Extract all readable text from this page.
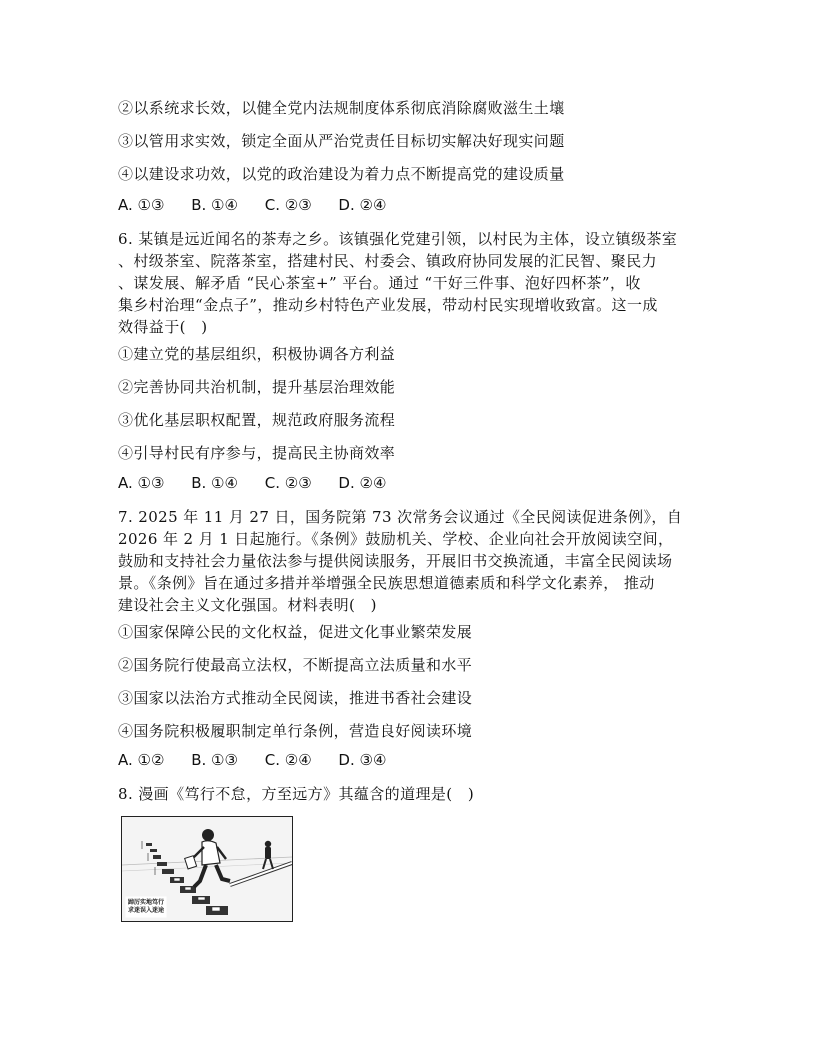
②以系统求长效，以健全党内法规制度体系彻底消除腐败滋生土壤
③以管用求实效，锁定全面从严治党责任目标切实解决好现实问题
④以建设求功效，以党的政治建设为着力点不断提高党的建设质量
A. ①③ B. ①④ C. ②③ D. ②④
6. 某镇是远近闻名的茶寿之乡。该镇强化党建引领，以村民为主体，设立镇级茶室
、村级茶室、院落茶室，搭建村民、村委会、镇政府协同发展的汇民智、聚民力
、谋发展、解矛盾 “民心茶室+” 平台。通过 “干好三件事、泡好四杯茶”，收
集乡村治理“金点子”，推动乡村特色产业发展，带动村民实现增收致富。这一成
效得益于(　)
①建立党的基层组织，积极协调各方利益
②完善协同共治机制，提升基层治理效能
③优化基层职权配置，规范政府服务流程
④引导村民有序参与，提高民主协商效率
A. ①③ B. ①④ C. ②③ D. ②④
7. 2025 年 11 月 27 日，国务院第 73 次常务会议通过《全民阅读促进条例》，自
2026 年 2 月 1 日起施行。《条例》鼓励机关、学校、企业向社会开放阅读空间，
鼓励和支持社会力量依法参与提供阅读服务，开展旧书交换流通，丰富全民阅读场
景。《条例》旨在通过多措并举增强全民族思想道德素质和科学文化素养， 推动
建设社会主义文化强国。材料表明(　)
①国家保障公民的文化权益，促进文化事业繁荣发展
②国务院行使最高立法权，不断提高立法质量和水平
③国家以法治方式推动全民阅读，推进书香社会建设
④国务院积极履职制定单行条例，营造良好阅读环境
A. ①② B. ①③ C. ②④ D. ③④
8. 漫画《笃行不怠，方至远方》其蕴含的道理是(　)
踔厉实地笃行
求迷误入迷途
